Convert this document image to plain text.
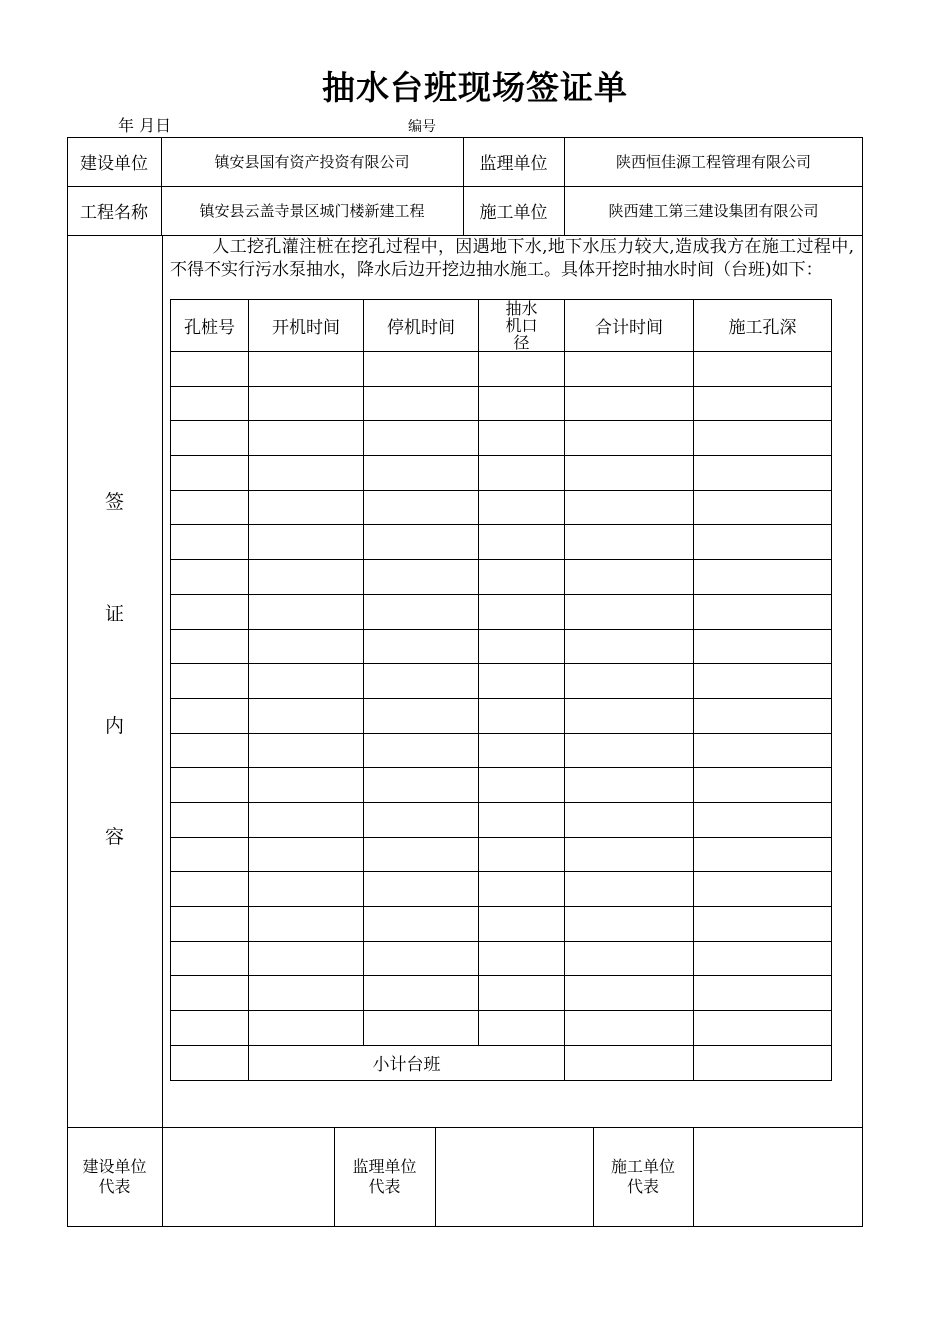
抽水台班现场签证单
年 月日	编号
建设单位	镇安县国有资产投资有限公司	监理单位	陕西恒佳源工程管理有限公司
工程名称	镇安县云盖寺景区城门楼新建工程	施工单位	陕西建工第三建设集团有限公司
签
证
内
容

人工挖孔灌注桩在挖孔过程中，因遇地下水,地下水压力较大,造成我方在施工过程中,不得不实行污水泵抽水，降水后边开挖边抽水施工。具体开挖时抽水时间（台班)如下：

孔桩号	开机时间	停机时间	抽水机口径	合计时间	施工孔深

	小计台班				
建设单位代表
监理单位代表
施工单位代表
